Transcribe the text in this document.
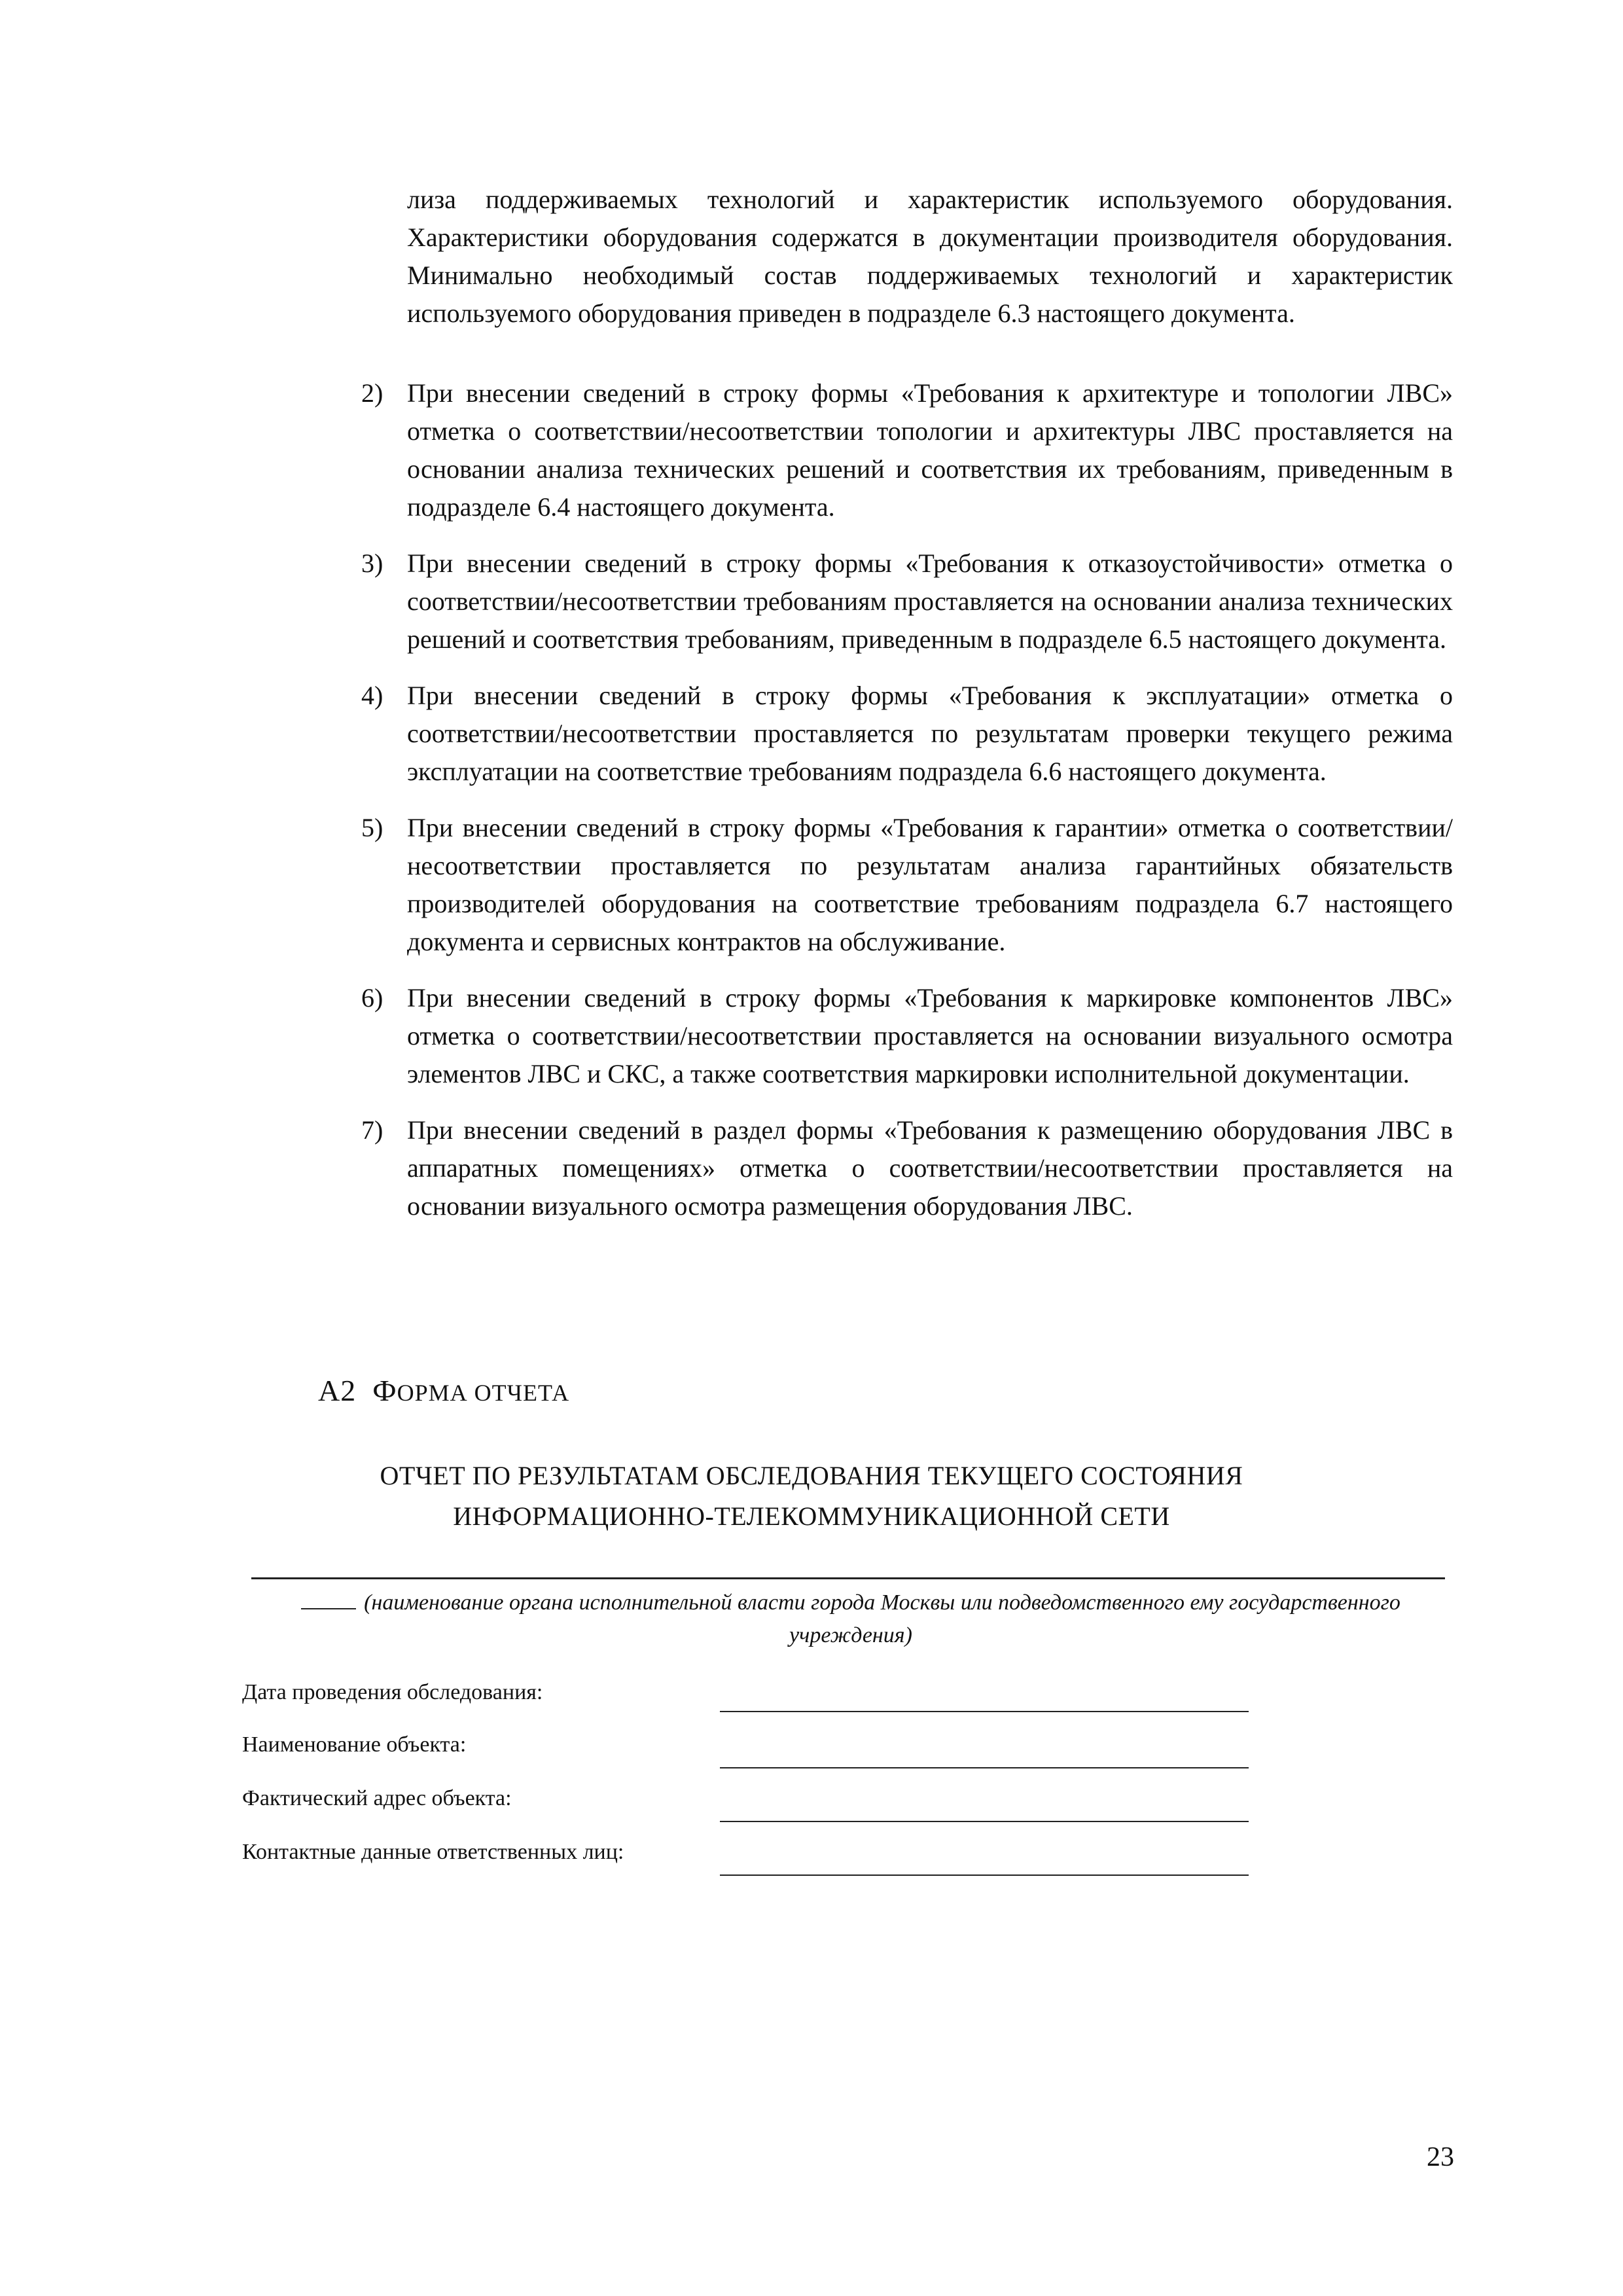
лиза поддерживаемых технологий и характеристик используемого оборудования. Характеристики оборудования содержатся в документации производителя оборудования. Минимально необходимый состав поддерживаемых технологий и характеристик используемого оборудования приведен в подразделе 6.3 настоящего документа.

2) При внесении сведений в строку формы «Требования к архитектуре и топологии ЛВС» отметка о соответствии/несоответствии топологии и архитектуры ЛВС проставляется на основании анализа технических решений и соответствия их требованиям, приведенным в подразделе 6.4 настоящего документа.
3) При внесении сведений в строку формы «Требования к отказоустойчивости» отметка о соответствии/несоответствии требованиям проставляется на основании анализа технических решений и соответствия требованиям, приведенным в подразделе 6.5 настоящего документа.
4) При внесении сведений в строку формы «Требования к эксплуатации» отметка о соответствии/несоответствии проставляется по результатам проверки текущего режима эксплуатации на соответствие требованиям подраздела 6.6 настоящего документа.
5) При внесении сведений в строку формы «Требования к гарантии» отметка о соответствии/несоответствии проставляется по результатам анализа гарантийных обязательств производителей оборудования на соответствие требованиям подраздела 6.7 настоящего документа и сервисных контрактов на обслуживание.
6) При внесении сведений в строку формы «Требования к маркировке компонентов ЛВС» отметка о соответствии/несоответствии проставляется на основании визуального осмотра элементов ЛВС и СКС, а также соответствия маркировки исполнительной документации.
7) При внесении сведений в раздел формы «Требования к размещению оборудования ЛВС в аппаратных помещениях» отметка о соответствии/несоответствии проставляется на основании визуального осмотра размещения оборудования ЛВС.
А2 ФОРМА ОТЧЕТА
ОТЧЕТ ПО РЕЗУЛЬТАТАМ ОБСЛЕДОВАНИЯ ТЕКУЩЕГО СОСТОЯНИЯ
ИНФОРМАЦИОННО-ТЕЛЕКОММУНИКАЦИОННОЙ СЕТИ
(наименование органа исполнительной власти города Москвы или подведомственного ему государственного учреждения)
Дата проведения обследования:
Наименование объекта:
Фактический адрес объекта:
Контактные данные ответственных лиц:
23
